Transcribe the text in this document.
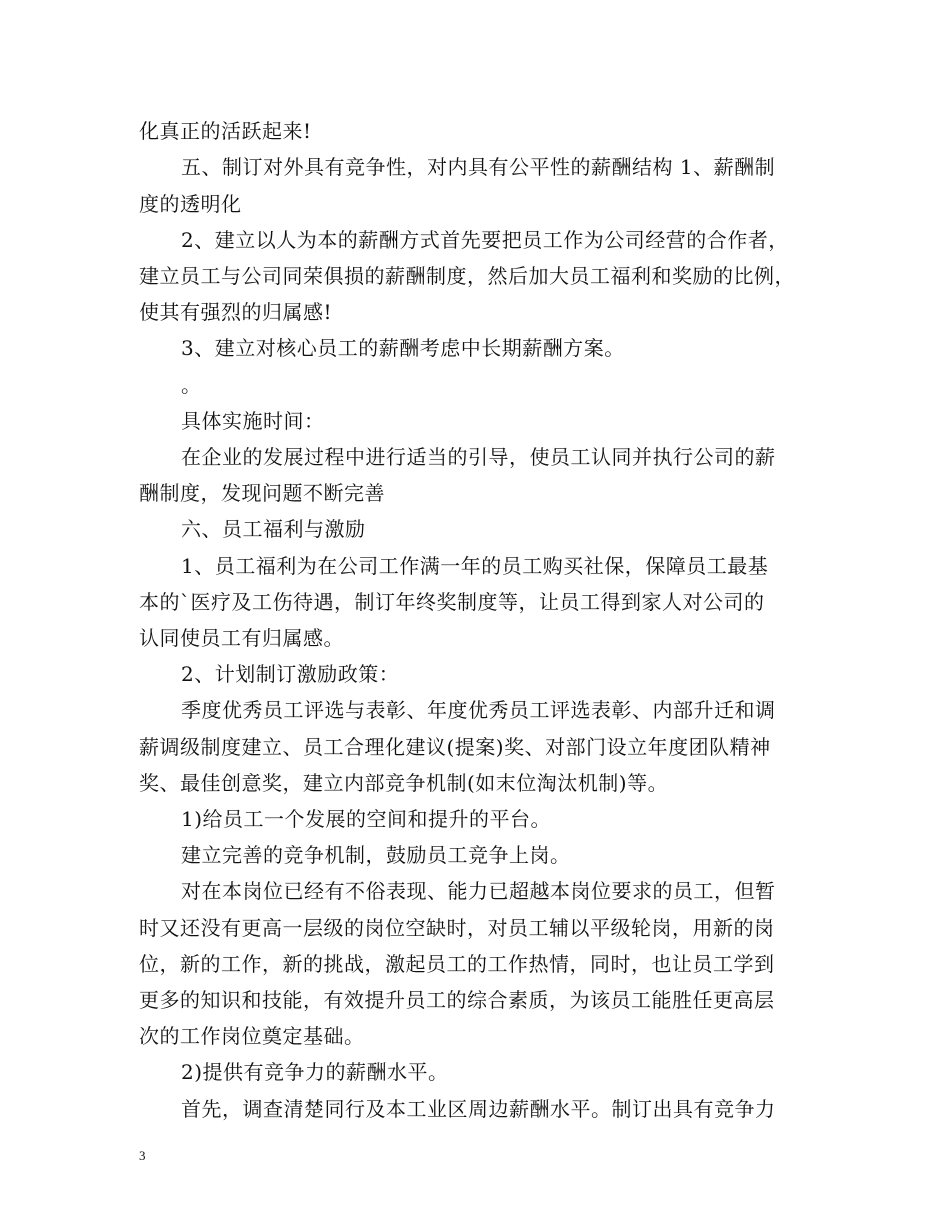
化真正的活跃起来!
五、制订对外具有竞争性，对内具有公平性的薪酬结构 1、薪酬制
度的透明化
2、建立以人为本的薪酬方式首先要把员工作为公司经营的合作者，
建立员工与公司同荣俱损的薪酬制度，然后加大员工福利和奖励的比例，
使其有强烈的归属感!
3、建立对核心员工的薪酬考虑中长期薪酬方案。
。
具体实施时间：
在企业的发展过程中进行适当的引导，使员工认同并执行公司的薪
酬制度，发现问题不断完善
六、员工福利与激励
1、员工福利为在公司工作满一年的员工购买社保，保障员工最基
本的`医疗及工伤待遇，制订年终奖制度等，让员工得到家人对公司的
认同使员工有归属感。
2、计划制订激励政策：
季度优秀员工评选与表彰、年度优秀员工评选表彰、内部升迁和调
薪调级制度建立、员工合理化建议(提案)奖、对部门设立年度团队精神
奖、最佳创意奖，建立内部竞争机制(如末位淘汰机制)等。
1)给员工一个发展的空间和提升的平台。
建立完善的竞争机制，鼓励员工竞争上岗。
对在本岗位已经有不俗表现、能力已超越本岗位要求的员工，但暂
时又还没有更高一层级的岗位空缺时，对员工辅以平级轮岗，用新的岗
位，新的工作，新的挑战，激起员工的工作热情，同时，也让员工学到
更多的知识和技能，有效提升员工的综合素质，为该员工能胜任更高层
次的工作岗位奠定基础。
2)提供有竞争力的薪酬水平。
首先，调查清楚同行及本工业区周边薪酬水平。制订出具有竞争力
3
